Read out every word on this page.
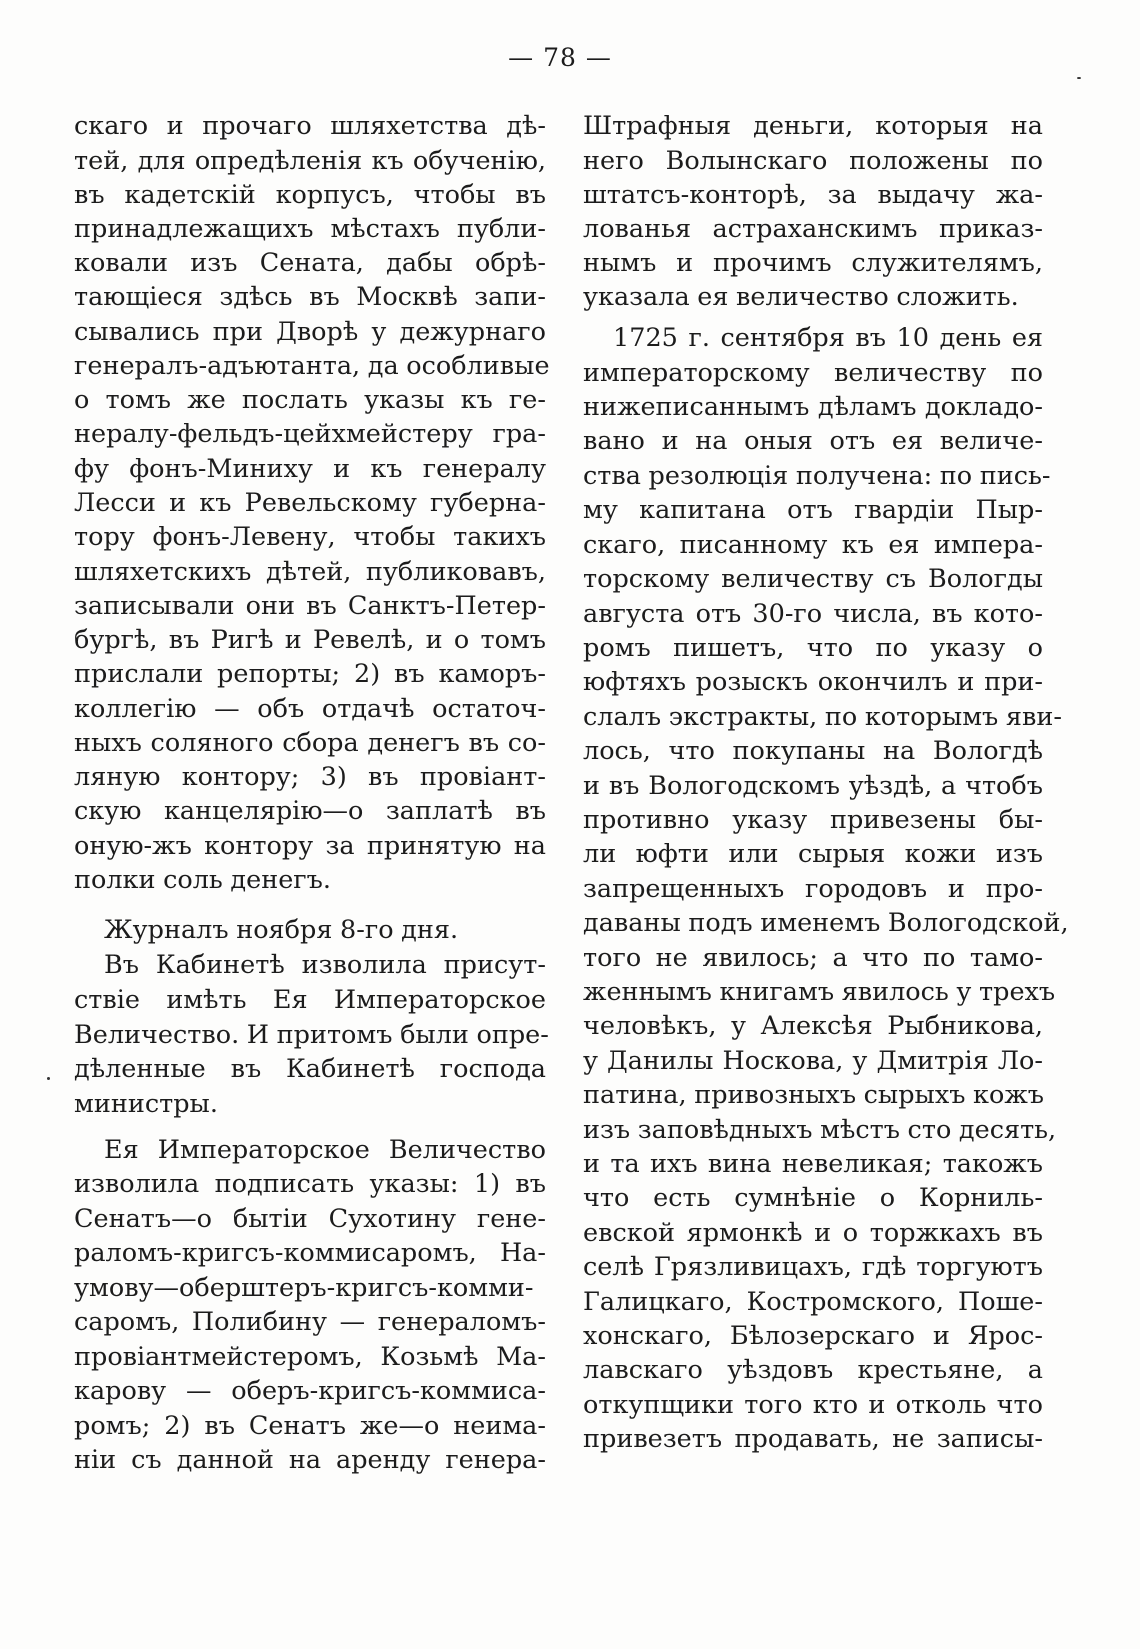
— 78 —
скаго и прочаго шляхетства дѣ-
тей, для опредѣленія къ обученію,
въ кадетскій корпусъ, чтобы въ
принадлежащихъ мѣстахъ публи-
ковали изъ Сената, дабы обрѣ-
тающіеся здѣсь въ Москвѣ запи-
сывались при Дворѣ у дежурнаго
генералъ-адъютанта, да особливые
о томъ же послать указы къ ге-
нералу-фельдъ-цейхмейстеру гра-
фу фонъ-Миниху и къ генералу
Лесси и къ Ревельскому губерна-
тору фонъ-Левену, чтобы такихъ
шляхетскихъ дѣтей, публиковавъ,
записывали они въ Санктъ-Петер-
бургѣ, въ Ригѣ и Ревелѣ, и о томъ
прислали репорты; 2) въ каморъ-
коллегію — объ отдачѣ остаточ-
ныхъ соляного сбора денегъ въ со-
ляную контору; 3) въ провіант-
скую канцелярію—о заплатѣ въ
оную-жъ контору за принятую на
полки соль денегъ.
Журналъ ноября 8-го дня.
Въ Кабинетѣ изволила присут-
ствіе имѣть Ея Императорское
Величество. И притомъ были опре-
дѣленные въ Кабинетѣ господа
министры.
Ея Императорское Величество
изволила подписать указы: 1) въ
Сенатъ—о бытіи Сухотину гене-
раломъ-кригсъ-коммисаромъ, На-
умову—оберштеръ-кригсъ-комми-
саромъ, Полибину — генераломъ-
провіантмейстеромъ, Козьмѣ Ма-
карову — оберъ-кригсъ-коммиса-
ромъ; 2) въ Сенатъ же—о неима-
ніи съ данной на аренду генера-
Штрафныя деньги, которыя на
него Волынскаго положены по
штатсъ-конторѣ, за выдачу жа-
лованья астраханскимъ приказ-
нымъ и прочимъ служителямъ,
указала ея величество сложить.
1725 г. сентября въ 10 день ея
императорскому величеству по
нижеписаннымъ дѣламъ докладо-
вано и на оныя отъ ея величе-
ства резолюція получена: по пись-
му капитана отъ гвардіи Пыр-
скаго, писанному къ ея импера-
торскому величеству съ Вологды
августа отъ 30-го числа, въ кото-
ромъ пишетъ, что по указу о
юфтяхъ розыскъ окончилъ и при-
слалъ экстракты, по которымъ яви-
лось, что покупаны на Вологдѣ
и въ Вологодскомъ уѣздѣ, а чтобъ
противно указу привезены бы-
ли юфти или сырыя кожи изъ
запрещенныхъ городовъ и про-
даваны подъ именемъ Вологодской,
того не явилось; а что по тамо-
женнымъ книгамъ явилось у трехъ
человѣкъ, у Алексѣя Рыбникова,
у Данилы Носкова, у Дмитрія Ло-
патина, привозныхъ сырыхъ кожъ
изъ заповѣдныхъ мѣстъ сто десять,
и та ихъ вина невеликая; такожъ
что есть сумнѣніе о Корниль-
евской ярмонкѣ и о торжкахъ въ
селѣ Грязливицахъ, гдѣ торгуютъ
Галицкаго, Костромского, Поше-
хонскаго, Бѣлозерскаго и Ярос-
лавскаго уѣздовъ крестьяне, а
откупщики того кто и отколь что
привезетъ продавать, не записы-
